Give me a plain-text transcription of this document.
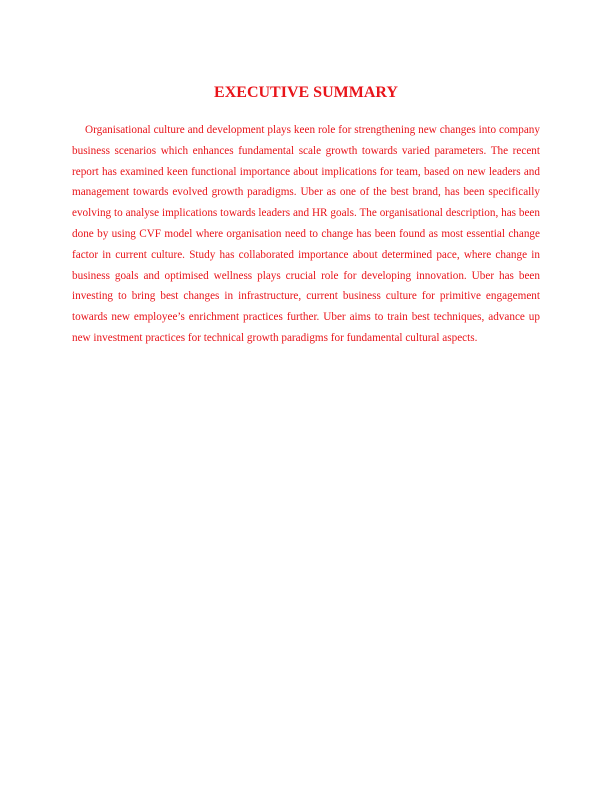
EXECUTIVE SUMMARY

Organisational culture and development plays keen role for strengthening new changes into company business scenarios which enhances fundamental scale growth towards varied parameters. The recent report has examined keen functional importance about implications for team, based on new leaders and management towards evolved growth paradigms. Uber as one of the best brand, has been specifically evolving to analyse implications towards leaders and HR goals. The organisational description, has been done by using CVF model where organisation need to change has been found as most essential change factor in current culture. Study has collaborated importance about determined pace, where change in business goals and optimised wellness plays crucial role for developing innovation. Uber has been investing to bring best changes in infrastructure, current business culture for primitive engagement towards new employee’s enrichment practices further. Uber aims to train best techniques, advance up new investment practices for technical growth paradigms for fundamental cultural aspects.
